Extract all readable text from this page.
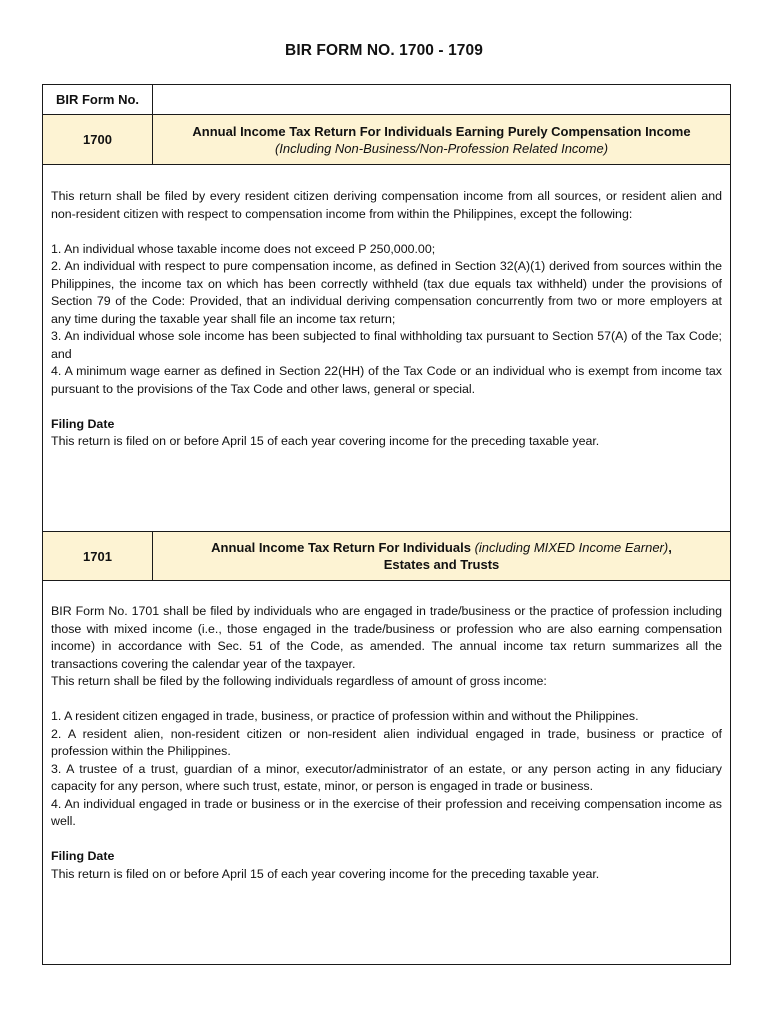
BIR FORM NO. 1700 - 1709
BIR Form No.
1700
Annual Income Tax Return For Individuals Earning Purely Compensation Income
(Including Non-Business/Non-Profession Related Income)

This return shall be filed by every resident citizen deriving compensation income from all sources, or resident alien and non-resident citizen with respect to compensation income from within the Philippines, except the following:

1. An individual whose taxable income does not exceed P 250,000.00;

2. An individual with respect to pure compensation income, as defined in Section 32(A)(1) derived from sources within the Philippines, the income tax on which has been correctly withheld (tax due equals tax withheld) under the provisions of Section 79 of the Code: Provided, that an individual deriving compensation concurrently from two or more employers at any time during the taxable year shall file an income tax return;

3. An individual whose sole income has been subjected to final withholding tax pursuant to Section 57(A) of the Tax Code; and

4. A minimum wage earner as defined in Section 22(HH) of the Tax Code or an individual who is exempt from income tax pursuant to the provisions of the Tax Code and other laws, general or special.

Filing Date

This return is filed on or before April 15 of each year covering income for the preceding taxable year.

1701
Annual Income Tax Return For Individuals (including MIXED Income Earner),
Estates and Trusts

BIR Form No. 1701 shall be filed by individuals who are engaged in trade/business or the practice of profession including those with mixed income (i.e., those engaged in the trade/business or profession who are also earning compensation income) in accordance with Sec. 51 of the Code, as amended. The annual income tax return summarizes all the transactions covering the calendar year of the taxpayer.

This return shall be filed by the following individuals regardless of amount of gross income:

1. A resident citizen engaged in trade, business, or practice of profession within and without the Philippines.

2. A resident alien, non-resident citizen or non-resident alien individual engaged in trade, business or practice of profession within the Philippines.

3. A trustee of a trust, guardian of a minor, executor/administrator of an estate, or any person acting in any fiduciary capacity for any person, where such trust, estate, minor, or person is engaged in trade or business.

4. An individual engaged in trade or business or in the exercise of their profession and receiving compensation income as well.

Filing Date

This return is filed on or before April 15 of each year covering income for the preceding taxable year.
